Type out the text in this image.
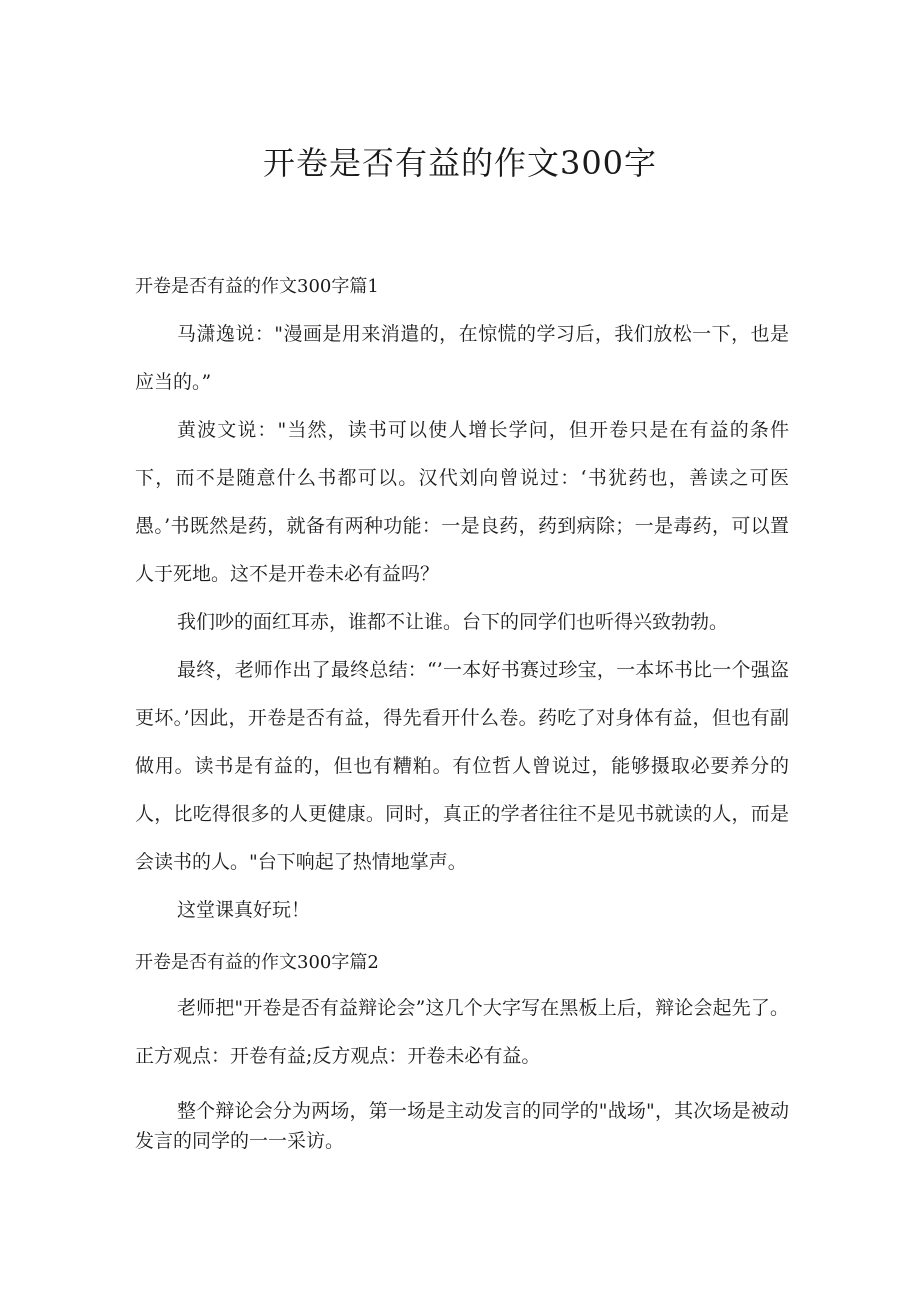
开卷是否有益的作文300字
开卷是否有益的作文300字篇1

马潇逸说："漫画是用来消遣的，在惊慌的学习后，我们放松一下，也是应当的。”

黄波文说："当然，读书可以使人增长学问，但开卷只是在有益的条件下，而不是随意什么书都可以。汉代刘向曾说过：‘书犹药也，善读之可医愚。’书既然是药，就备有两种功能：一是良药，药到病除；一是毒药，可以置人于死地。这不是开卷未必有益吗？

我们吵的面红耳赤，谁都不让谁。台下的同学们也听得兴致勃勃。

最终，老师作出了最终总结：“’一本好书赛过珍宝，一本坏书比一个强盗更坏。’因此，开卷是否有益，得先看开什么卷。药吃了对身体有益，但也有副做用。读书是有益的，但也有糟粕。有位哲人曾说过，能够摄取必要养分的人，比吃得很多的人更健康。同时，真正的学者往往不是见书就读的人，而是会读书的人。"台下响起了热情地掌声。

这堂课真好玩！

开卷是否有益的作文300字篇2

老师把"开卷是否有益辩论会”这几个大字写在黑板上后，辩论会起先了。正方观点：开卷有益;反方观点：开卷未必有益。

整个辩论会分为两场，第一场是主动发言的同学的"战场"，其次场是被动发言的同学的一一采访。
